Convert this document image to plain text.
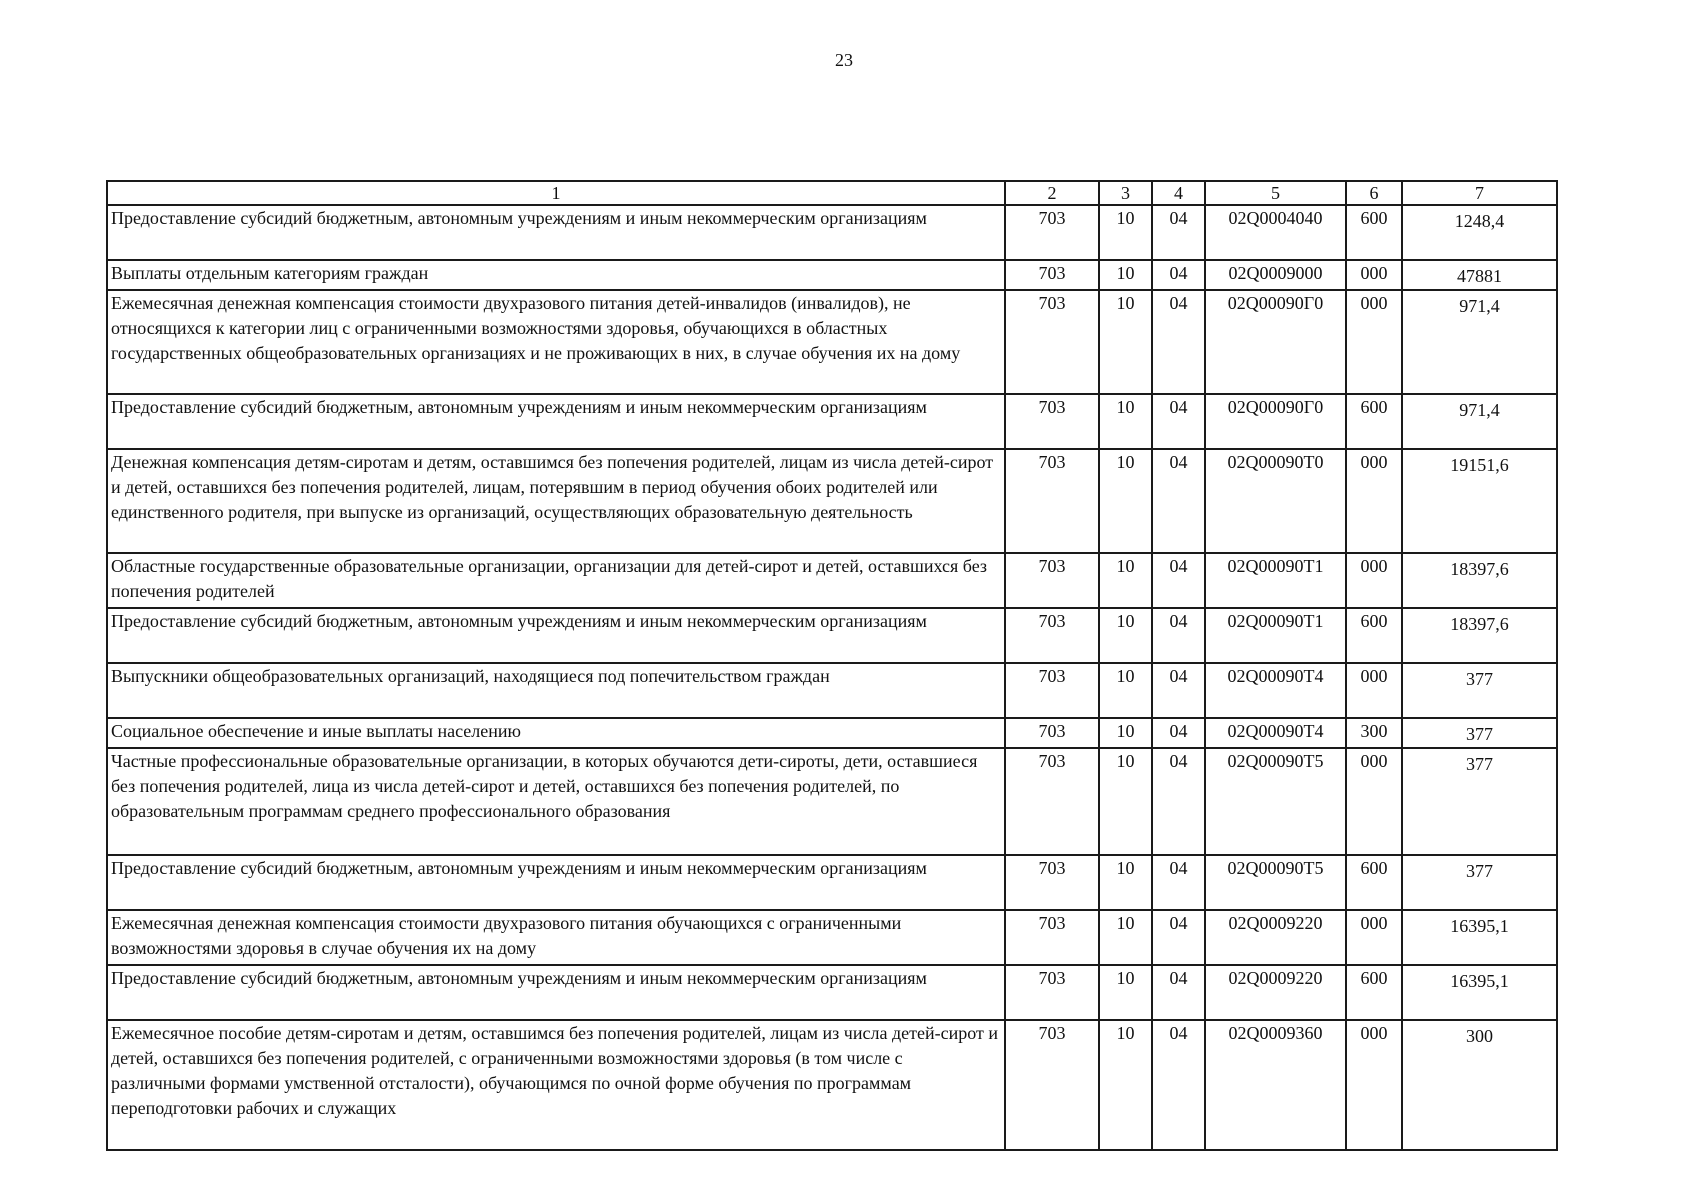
23
1	2	3	4	5	6	7
Предоставление субсидий бюджетным, автономным учреждениям и иным некоммерческим организациям	703	10	04	02Q0004040	600	1248,4
Выплаты отдельным категориям граждан	703	10	04	02Q0009000	000	47881
Ежемесячная денежная компенсация стоимости двухразового питания детей-инвалидов (инвалидов), не относящихся к категории лиц с ограниченными возможностями здоровья, обучающихся в областных государственных общеобразовательных организациях и не проживающих в них, в случае обучения их на дому	703	10	04	02Q00090Г0	000	971,4
Предоставление субсидий бюджетным, автономным учреждениям и иным некоммерческим организациям	703	10	04	02Q00090Г0	600	971,4
Денежная компенсация детям-сиротам и детям, оставшимся без попечения родителей, лицам из числа детей-сирот и детей, оставшихся без попечения родителей, лицам, потерявшим в период обучения обоих родителей или единственного родителя, при выпуске из организаций, осуществляющих образовательную деятельность	703	10	04	02Q00090Т0	000	19151,6
Областные государственные образовательные организации, организации для детей-сирот и детей, оставшихся без попечения родителей	703	10	04	02Q00090Т1	000	18397,6
Предоставление субсидий бюджетным, автономным учреждениям и иным некоммерческим организациям	703	10	04	02Q00090Т1	600	18397,6
Выпускники общеобразовательных организаций, находящиеся под попечительством граждан	703	10	04	02Q00090Т4	000	377
Социальное обеспечение и иные выплаты населению	703	10	04	02Q00090Т4	300	377
Частные профессиональные образовательные организации, в которых обучаются дети-сироты, дети, оставшиеся без попечения родителей, лица из числа детей-сирот и детей, оставшихся без попечения родителей, по образовательным программам среднего профессионального образования	703	10	04	02Q00090Т5	000	377
Предоставление субсидий бюджетным, автономным учреждениям и иным некоммерческим организациям	703	10	04	02Q00090Т5	600	377
Ежемесячная денежная компенсация стоимости двухразового питания обучающихся с ограниченными возможностями здоровья в случае обучения их на дому	703	10	04	02Q0009220	000	16395,1
Предоставление субсидий бюджетным, автономным учреждениям и иным некоммерческим организациям	703	10	04	02Q0009220	600	16395,1
Ежемесячное пособие детям-сиротам и детям, оставшимся без попечения родителей, лицам из числа детей-сирот и детей, оставшихся без попечения родителей, с ограниченными возможностями здоровья (в том числе с различными формами умственной отсталости), обучающимся по очной форме обучения по программам переподготовки рабочих и служащих	703	10	04	02Q0009360	000	300
